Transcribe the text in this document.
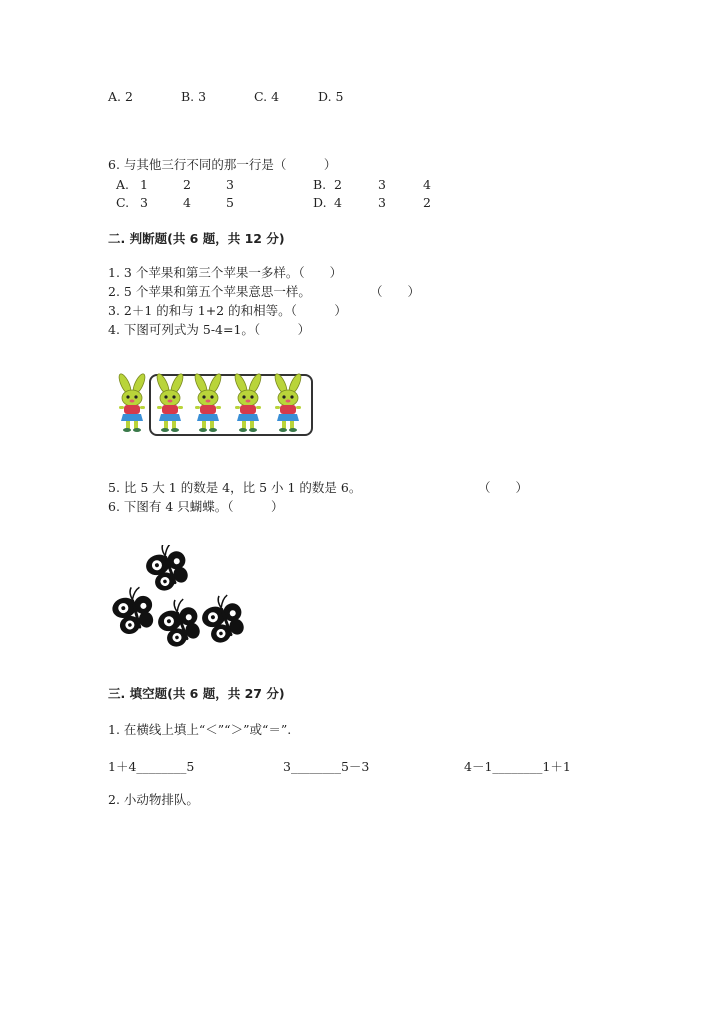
A. 2	B. 3	C. 4	D. 5
6. 与其他三行不同的那一行是（　　　）
A. 1	2	3	B. 2	3	4
C. 3	4	5	D. 4	3	2
二. 判断题(共 6 题，共 12 分)
1. 3 个苹果和第三个苹果一多样。（　　）
2. 5 个苹果和第五个苹果意思一样。	（　　）
3. 2＋1 的和与 1+2 的和相等。（　　　）
4. 下图可列式为 5-4=1。（　　　）
5. 比 5 大 1 的数是 4，比 5 小 1 的数是 6。	（　　）
6. 下图有 4 只蝴蝶。（　　　）
三. 填空题(共 6 题，共 27 分)
1. 在横线上填上“＜”“＞”或“＝”.
1＋4________5	3________5－3	4－1________1＋1
2. 小动物排队。
